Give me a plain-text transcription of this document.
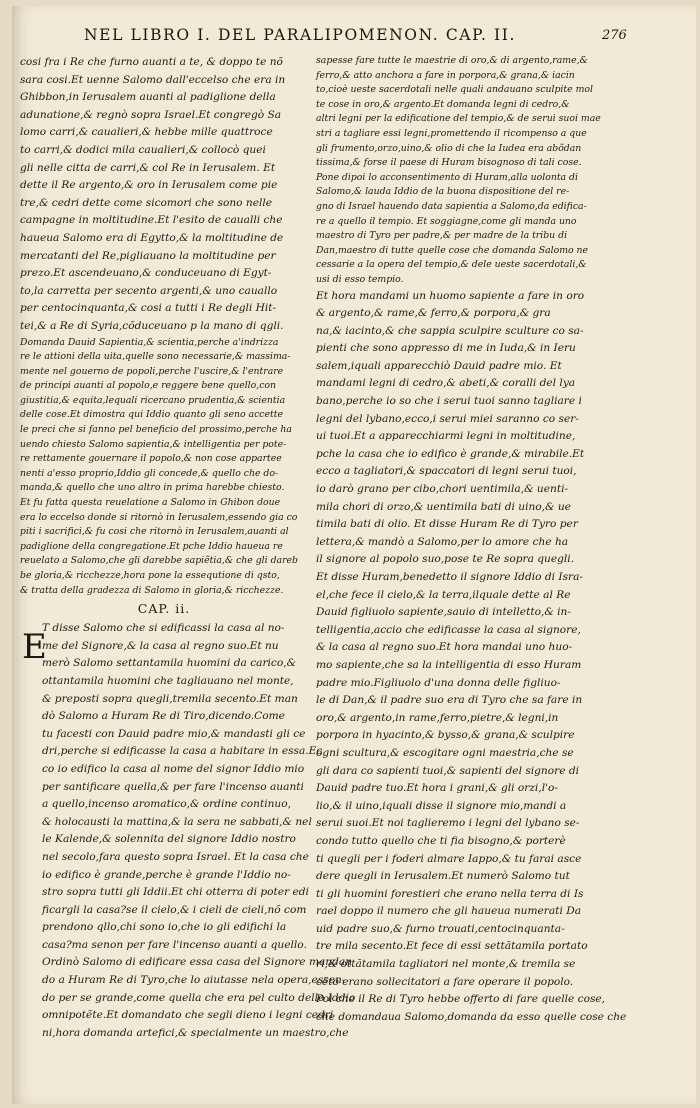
NEL LIBRO I. DEL PARALIPOMENON. CAP. II.	276
cosi fra i Re che furno auanti a te, & doppo te nõ
sara cosi.Et uenne Salomo dall'eccelso che era in
Ghibbon,in Ierusalem auanti al padiglione della
adunatione,& regnò sopra Israel.Et congregò Sa
lomo carri,& caualieri,& hebbe mille quattroce
to carri,& dodici mila caualieri,& collocò quei
gli nelle citta de carri,& col Re in Ierusalem. Et
dette il Re argento,& oro in Ierusalem come pie
tre,& cedri dette come sicomori che sono nelle
campagne in moltitudine.Et l'esito de caualli che
haueua Salomo era di Egytto,& la moltitudine de
mercatanti del Re,pigliauano la moltitudine per
prezo.Et ascendeuano,& conduceuano di Egyt-
to,la carretta per secento argenti,& uno cauallo
per centocinquanta,& cosi a tutti i Re degli Hit-
tei,& a Re di Syria,cõduceuano p la mano di qgli.
Domanda Dauid Sapientia,& scientia,perche a'indrizza
re le attioni della uita,quelle sono necessarie,& massima-
mente nel gouerno de popoli,perche l'uscire,& l'entrare
de principi auanti al popolo,e reggere bene quello,con
giustitia,& equita,lequali ricercano prudentia,& scientia
delle cose.Et dimostra qui Iddio quanto gli seno accette
le preci che si fanno pel beneficio del prossimo,perche ha
uendo chiesto Salomo sapientia,& intelligentia per pote-
re rettamente gouernare il popolo,& non cose appartee
nenti a'esso proprio,Iddio gli concede,& quello che do-
manda,& quello che uno altro in prima harebbe chiesto.
Et fu fatta questa reuelatione a Salomo in Ghibon doue
era lo eccelso donde si ritornò in Ierusalem,essendo gia co
piti i sacrifici,& fu cosi che ritornò in Ierusalem,auanti al
padiglione della congregatione.Et pche Iddio haueua re
reuelato a Salomo,che gli darebbe sapiẽtia,& che gli dareb
be gloria,& ricchezze,hora pone la essequtione di qsto,
& tratta della gradezza di Salomo in gloria,& ricchezze.
CAP. ii.
E
T disse Salomo che si edificassi la casa al no-
me del Signore,& la casa al regno suo.Et nu
merò Salomo settantamila huomini da carico,&
ottantamila huomini che tagliauano nel monte,
& preposti sopra quegli,tremila secento.Et man
dò Salomo a Huram Re di Tiro,dicendo.Come
tu facesti con Dauid padre mio,& mandasti gli ce
dri,perche si edificasse la casa a habitare in essa.Ec
co io edifico la casa al nome del signor Iddio mio
per santificare quella,& per fare l'incenso auanti
a quello,incenso aromatico,& ordine continuo,
& holocausti la mattina,& la sera ne sabbati,& nel
le Kalende,& solennita del signore Iddio nostro
nel secolo,fara questo sopra Israel. Et la casa che
io edifico è grande,perche è grande l'Iddio no-
stro sopra tutti gli Iddii.Et chi otterra di poter edi
ficargli la casa?se il cielo,& i cieli de cieli,nõ com
prendono qllo,chi sono io,che io gli edifichi la
casa?ma senon per fare l'incenso auanti a quello.
Ordinò Salomo di edificare essa casa del Signore mandan
do a Huram Re di Tyro,che lo aiutasse nela opera,essen-
do per se grande,come quella che era pel culto dello Iddio
omnipotẽte.Et domandato che segli dieno i legni cedri
ni,hora domanda artefici,& specialmente un maestro,che
sapesse fare tutte le maestrie di oro,& di argento,rame,&
ferro,& atto anchora a fare in porpora,& grana,& iacin
to,cioè ueste sacerdotali nelle quali andauano sculpite mol
te cose in oro,& argento.Et domanda legni di cedro,&
altri legni per la edificatione del tempio,& de serui suoi mae
stri a tagliare essi legni,promettendo il ricompenso a que
gli frumento,orzo,uino,& olio di che la Iudea era abõdan
tissima,& forse il paese di Huram bisognoso di tali cose.
Pone dipoi lo acconsentimento di Huram,alla uolonta di
Salomo,& lauda Iddio de la buona dispositione del re-
gno di Israel hauendo data sapientia a Salomo,da edifica-
re a quello il tempio. Et soggiagne,come gli manda uno
maestro di Tyro per padre,& per madre de la tribu di
Dan,maestro di tutte quelle cose che domanda Salomo ne
cessarie a la opera del tempio,& dele ueste sacerdotali,&
usi di esso tempio.
Et hora mandami un huomo sapiente a fare in oro
& argento,& rame,& ferro,& porpora,& gra
na,& iacinto,& che sappia sculpire sculture co sa-
pienti che sono appresso di me in Iuda,& in Ieru
salem,iquali apparecchiò Dauid padre mio. Et
mandami legni di cedro,& abeti,& coralli del lya
bano,perche io so che i serui tuoi sanno tagliare i
legni del lybano,ecco,i serui miei saranno co ser-
ui tuoi.Et a apparecchiarmi legni in moltitudine,
pche la casa che io edifico è grande,& mirabile.Et
ecco a tagliatori,& spaccatori di legni serui tuoi,
io darò grano per cibo,chori uentimila,& uenti-
mila chori di orzo,& uentimila bati di uino,& ue
timila bati di olio. Et disse Huram Re di Tyro per
lettera,& mandò a Salomo,per lo amore che ha
il signore al popolo suo,pose te Re sopra quegli.
Et disse Huram,benedetto il signore Iddio di Isra-
el,che fece il cielo,& la terra,ilquale dette al Re
Dauid figliuolo sapiente,sauio di intelletto,& in-
telligentia,accio che edificasse la casa al signore,
& la casa al regno suo.Et hora mandai uno huo-
mo sapiente,che sa la intelligentia di esso Huram
padre mio.Figliuolo d'una donna delle figliuo-
le di Dan,& il padre suo era di Tyro che sa fare in
oro,& argento,in rame,ferro,pietre,& legni,in
porpora in hyacinto,& bysso,& grana,& sculpire
ogni scultura,& escogitare ogni maestria,che se
gli dara co sapienti tuoi,& sapienti del signore di
Dauid padre tuo.Et hora i grani,& gli orzi,l'o-
lio,& il uino,iquali disse il signore mio,mandi a
serui suoi.Et noi taglieremo i legni del lybano se-
condo tutto quello che ti fia bisogno,& porterè
ti quegli per i foderi almare Iappo,& tu farai asce
dere quegli in Ierusalem.Et numerò Salomo tut
ti gli huomini forestieri che erano nella terra di Is
rael doppo il numero che gli haueua numerati Da
uid padre suo,& furno trouati,centocinquanta-
tre mila secento.Et fece di essi settãtamila portato
ri,& ottãtamila tagliatori nel monte,& tremila se
cẽto erano sollecitatori a fare operare il popolo.
Poi che il Re di Tyro hebbe offerto di fare quelle cose,
che domandaua Salomo,domanda da esso quelle cose che
